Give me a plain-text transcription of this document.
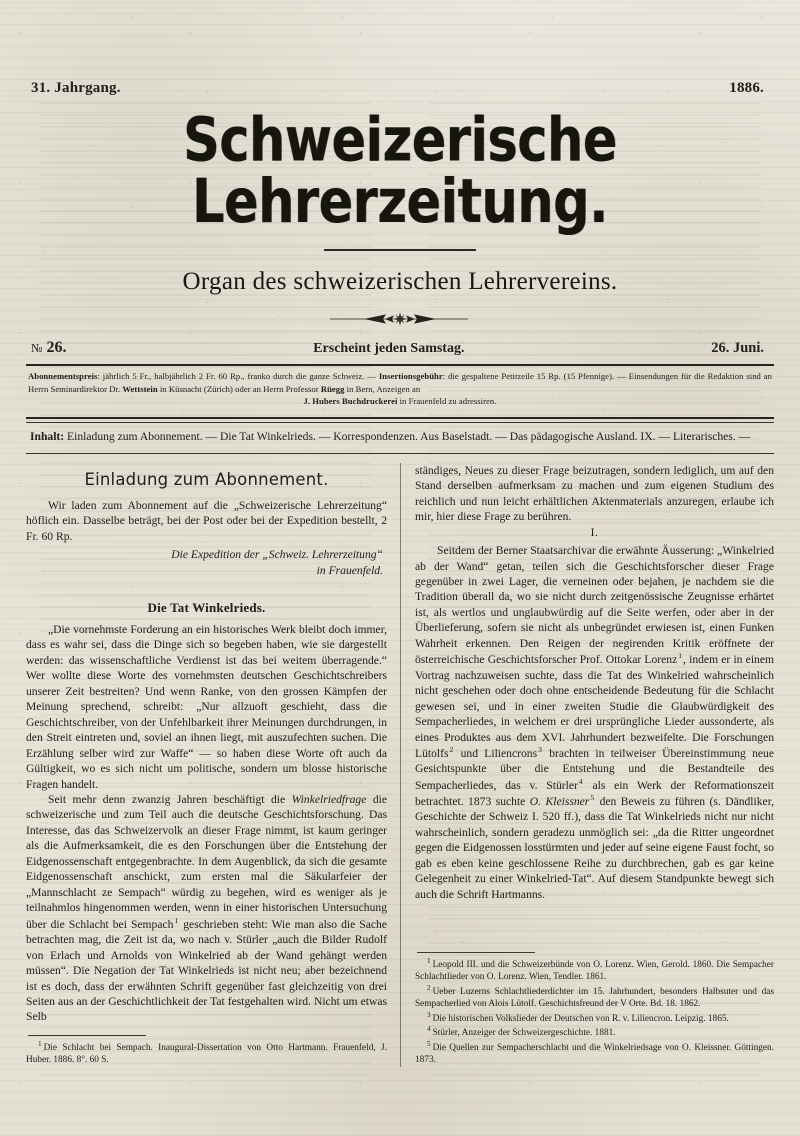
31. Jahrgang.	1886.
Schweizerische Lehrerzeitung.
Organ des schweizerischen Lehrervereins.
№ 26.	Erscheint jeden Samstag.	26. Juni.
Abonnementspreis: jährlich 5 Fr., halbjährlich 2 Fr. 60 Rp., franko durch die ganze Schweiz. — Insertionsgebühr: die gespaltene Petitzeile 15 Rp. (15 Pfennige). — Einsendungen für die Redaktion sind an Herrn Seminardirektor Dr. Wettstein in Küsnacht (Zürich) oder an Herrn Professor Rüegg in Bern, Anzeigen an
J. Hubers Buchdruckerei in Frauenfeld zu adressiren.
Inhalt: Einladung zum Abonnement. — Die Tat Winkelrieds. — Korrespondenzen. Aus Baselstadt. — Das pädagogische Ausland. IX. — Literarisches. —
Einladung zum Abonnement.

Wir laden zum Abonnement auf die „Schweizerische Lehrerzeitung“ höflich ein. Dasselbe beträgt, bei der Post oder bei der Expedition bestellt, 2 Fr. 60 Rp.

Die Expedition der „Schweiz. Lehrerzeitung“
in Frauenfeld.

Die Tat Winkelrieds.

„Die vornehmste Forderung an ein historisches Werk bleibt doch immer, dass es wahr sei, dass die Dinge sich so begeben haben, wie sie dargestellt werden: das wissenschaftliche Verdienst ist das bei weitem überragende.“ Wer wollte diese Worte des vornehmsten deutschen Geschichtschreibers unserer Zeit bestreiten? Und wenn Ranke, von den grossen Kämpfen der Meinung sprechend, schreibt: „Nur allzuoft geschieht, dass die Geschichtschreiber, von der Unfehlbarkeit ihrer Meinungen durchdrungen, in den Streit eintreten und, soviel an ihnen liegt, mit auszufechten suchen. Die Erzählung selber wird zur Waffe“ — so haben diese Worte oft auch da Gültigkeit, wo es sich nicht um politische, sondern um blosse historische Fragen handelt.

Seit mehr denn zwanzig Jahren beschäftigt die Winkelriedfrage die schweizerische und zum Teil auch die deutsche Geschichtsforschung. Das Interesse, das das Schweizervolk an dieser Frage nimmt, ist kaum geringer als die Aufmerksamkeit, die es den Forschungen über die Entstehung der Eidgenossenschaft entgegenbrachte. In dem Augenblick, da sich die gesamte Eidgenossenschaft anschickt, zum ersten mal die Säkularfeier der „Mannschlacht ze Sempach“ würdig zu begehen, wird es weniger als je teilnahmlos hingenommen werden, wenn in einer historischen Untersuchung über die Schlacht bei Sempach$^1$ geschrieben steht: Wie man also die Sache betrachten mag, die Zeit ist da, wo nach v. Stürler „auch die Bilder Rudolf von Erlach und Arnolds von Winkelried ab der Wand gehängt werden müssen“. Die Negation der Tat Winkelrieds ist nicht neu; aber bezeichnend ist es doch, dass der erwähnten Schrift gegenüber fast gleichzeitig von drei Seiten aus an der Geschichtlichkeit der Tat festgehalten wird. Nicht um etwas Selb

$^1$ Die Schlacht bei Sempach. Inaugural-Dissertation von Otto Hartmann. Frauenfeld, J. Huber. 1886. 8°. 60 S.

ständiges, Neues zu dieser Frage beizutragen, sondern lediglich, um auf den Stand derselben aufmerksam zu machen und zum eigenen Studium des reichlich und nun leicht erhältlichen Aktenmaterials anzuregen, erlaube ich mir, hier diese Frage zu berühren.

I.

Seitdem der Berner Staatsarchivar die erwähnte Äusserung: „Winkelried ab der Wand“ getan, teilen sich die Geschichtsforscher dieser Frage gegenüber in zwei Lager, die verneinen oder bejahen, je nachdem sie die Tradition überall da, wo sie nicht durch zeitgenössische Zeugnisse erhärtet ist, als wertlos und unglaubwürdig auf die Seite werfen, oder aber in der Überlieferung, sofern sie nicht als unbegründet erwiesen ist, einen Funken Wahrheit erkennen. Den Reigen der negirenden Kritik eröffnete der österreichische Geschichtsforscher Prof. Ottokar Lorenz$^1$, indem er in einem Vortrag nachzuweisen suchte, dass die Tat des Winkelried wahrscheinlich nicht geschehen oder doch ohne entscheidende Bedeutung für die Schlacht gewesen sei, und in einer zweiten Studie die Glaubwürdigkeit des Sempacherliedes, in welchem er drei ursprüngliche Lieder aussonderte, als eines Produktes aus dem XVI. Jahrhundert bezweifelte. Die Forschungen Lütolfs$^2$ und Liliencrons$^3$ brachten in teilweiser Übereinstimmung neue Gesichtspunkte über die Entstehung und die Bestandteile des Sempacherliedes, das v. Stürler$^4$ als ein Werk der Reformationszeit betrachtet. 1873 suchte O. Kleissner$^5$ den Beweis zu führen (s. Dändliker, Geschichte der Schweiz I. 520 ff.), dass die Tat Winkelrieds nicht nur nicht wahrscheinlich, sondern geradezu unmöglich sei: „da die Ritter ungeordnet gegen die Eidgenossen losstürmten und jeder auf seine eigene Faust focht, so gab es eben keine geschlossene Reihe zu durchbrechen, gab es gar keine Gelegenheit zu einer Winkelried-Tat“. Auf diesem Standpunkte bewegt sich auch die Schrift Hartmanns.

$^1$ Leopold III. und die Schweizerbünde von O. Lorenz. Wien, Gerold. 1860. Die Sempacher Schlachtlieder von O. Lorenz. Wien, Tendler. 1861.

$^2$ Ueber Luzerns Schlachtliederdichter im 15. Jahrhundert, besonders Halbsuter und das Sempacherlied von Alois Lütolf. Geschichtsfreund der V Orte. Bd. 18. 1862.

$^3$ Die historischen Volkslieder der Deutschen von R. v. Liliencron. Leipzig. 1865.

$^4$ Stürler, Anzeiger der Schweizergeschichte. 1881.

$^5$ Die Quellen zur Sempacherschlacht und die Winkelriedsage von O. Kleissner. Göttingen. 1873.
